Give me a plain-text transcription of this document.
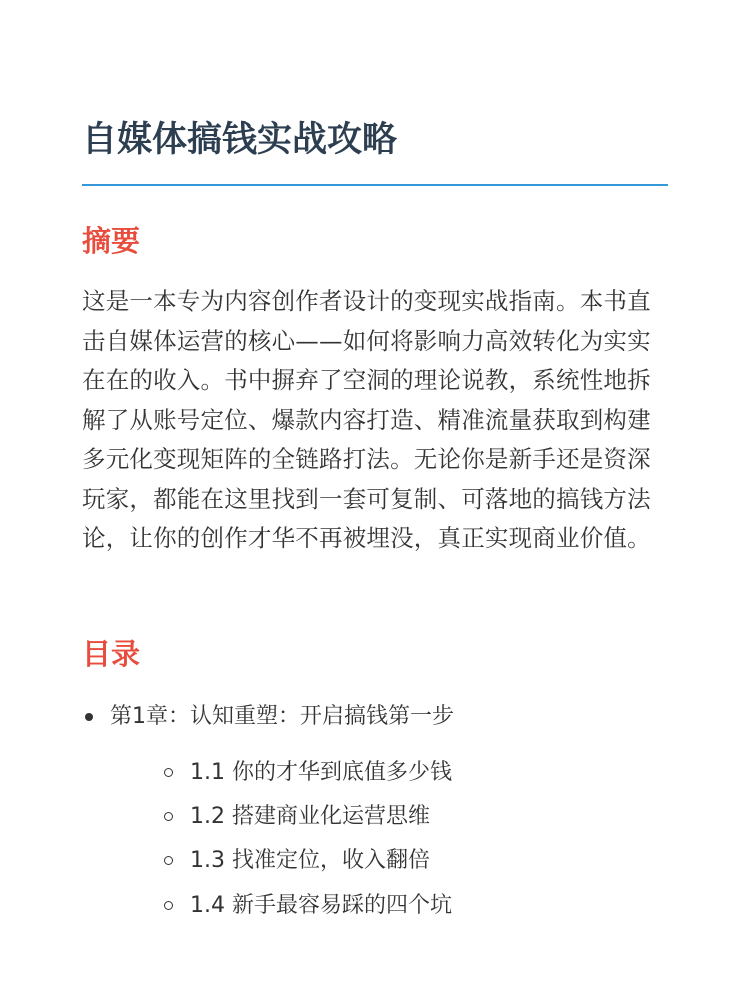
自媒体搞钱实战攻略
摘要

这是一本专为内容创作者设计的变现实战指南。本书直击自媒体运营的核心——如何将影响力高效转化为实实在在的收入。书中摒弃了空洞的理论说教，系统性地拆解了从账号定位、爆款内容打造、精准流量获取到构建多元化变现矩阵的全链路打法。无论你是新手还是资深玩家，都能在这里找到一套可复制、可落地的搞钱方法论，让你的创作才华不再被埋没，真正实现商业价值。

目录
第1章：认知重塑：开启搞钱第一步
1.1 你的才华到底值多少钱
1.2 搭建商业化运营思维
1.3 找准定位，收入翻倍
1.4 新手最容易踩的四个坑
